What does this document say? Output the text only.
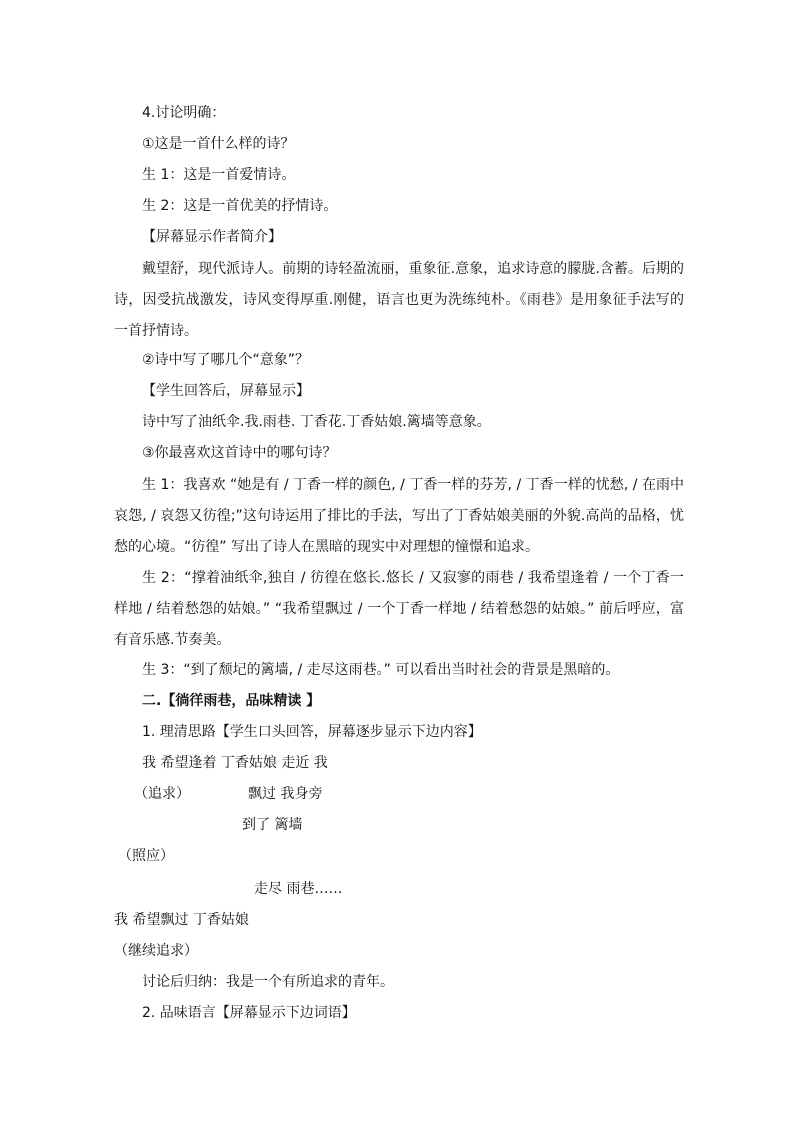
4.讨论明确：
①这是一首什么样的诗？
生 1：这是一首爱情诗。
生 2：这是一首优美的抒情诗。
【屏幕显示作者简介】
戴望舒，现代派诗人。前期的诗轻盈流丽，重象征.意象，追求诗意的朦胧.含蓄。后期的诗，因受抗战激发，诗风变得厚重.刚健，语言也更为洗练纯朴。《雨巷》是用象征手法写的一首抒情诗。
②诗中写了哪几个“意象”？
【学生回答后，屏幕显示】
诗中写了油纸伞.我.雨巷. 丁香花.丁香姑娘.篱墙等意象。
③你最喜欢这首诗中的哪句诗？
生 1：我喜欢 “她是有 / 丁香一样的颜色, / 丁香一样的芬芳, / 丁香一样的忧愁, / 在雨中哀怨, / 哀怨又彷徨;”这句诗运用了排比的手法，写出了丁香姑娘美丽的外貌.高尚的品格，忧愁的心境。“彷徨” 写出了诗人在黑暗的现实中对理想的憧憬和追求。
生 2：“撑着油纸伞,独自 / 彷徨在悠长.悠长 / 又寂寥的雨巷 / 我希望逢着 / 一个丁香一样地 / 结着愁怨的姑娘。” “我希望飘过 / 一个丁香一样地 / 结着愁怨的姑娘。” 前后呼应，富有音乐感.节奏美。
生 3：“到了颓圮的篱墙, / 走尽这雨巷。” 可以看出当时社会的背景是黑暗的。
二.【徜徉雨巷，品味精读 】
1. 理清思路【学生口头回答，屏幕逐步显示下边内容】
我 希望逢着 丁香姑娘 走近 我
（追求）	飘过 我身旁
到了 篱墙
（照应）
走尽 雨巷……
我 希望飘过 丁香姑娘
（继续追求）
讨论后归纳：我是一个有所追求的青年。
2. 品味语言【屏幕显示下边词语】
